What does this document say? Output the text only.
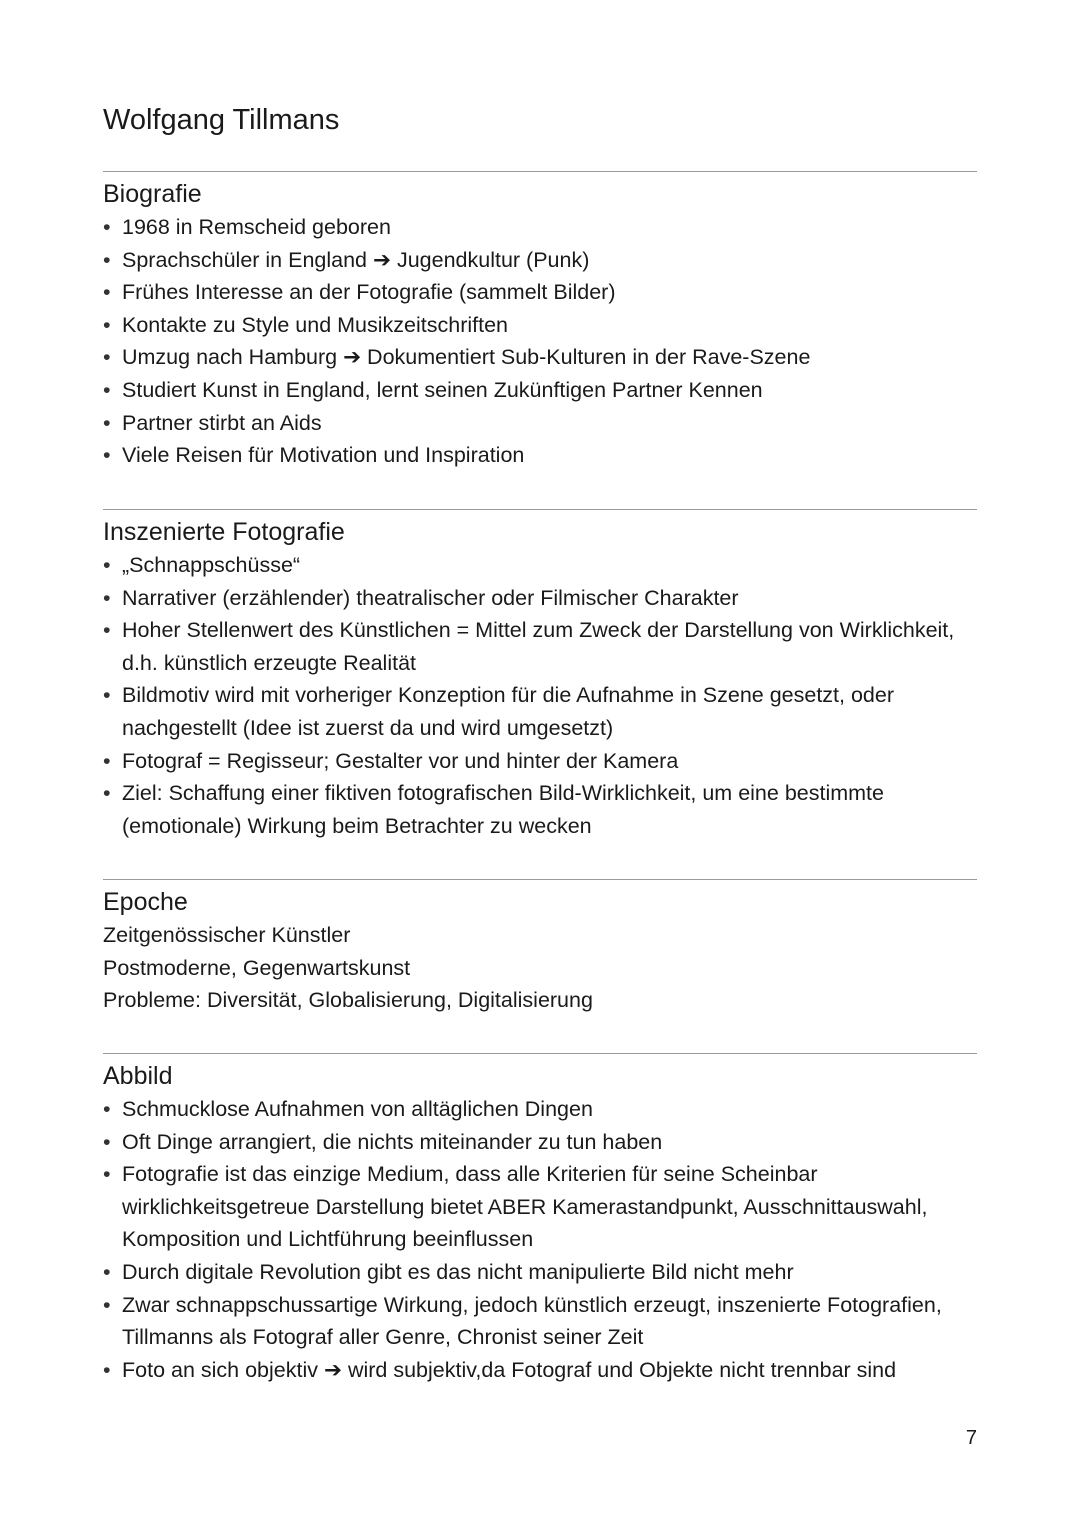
Wolfgang Tillmans
Biografie
• 1968 in Remscheid geboren
• Sprachschüler in England ➔ Jugendkultur (Punk)
• Frühes Interesse an der Fotografie (sammelt Bilder)
• Kontakte zu Style und Musikzeitschriften
• Umzug nach Hamburg ➔ Dokumentiert Sub-Kulturen in der Rave-Szene
• Studiert Kunst in England, lernt seinen Zukünftigen Partner Kennen
• Partner stirbt an Aids
• Viele Reisen für Motivation und Inspiration
Inszenierte Fotografie
• „Schnappschüsse“
• Narrativer (erzählender) theatralischer oder Filmischer Charakter
• Hoher Stellenwert des Künstlichen = Mittel zum Zweck der Darstellung von Wirklichkeit, d.h. künstlich erzeugte Realität
• Bildmotiv wird mit vorheriger Konzeption für die Aufnahme in Szene gesetzt, oder nachgestellt (Idee ist zuerst da und wird umgesetzt)
• Fotograf = Regisseur; Gestalter vor und hinter der Kamera
• Ziel: Schaffung einer fiktiven fotografischen Bild-Wirklichkeit, um eine bestimmte (emotionale) Wirkung beim Betrachter zu wecken
Epoche
Zeitgenössischer Künstler
Postmoderne, Gegenwartskunst
Probleme: Diversität, Globalisierung, Digitalisierung
Abbild
• Schmucklose Aufnahmen von alltäglichen Dingen
• Oft Dinge arrangiert, die nichts miteinander zu tun haben
• Fotografie ist das einzige Medium, dass alle Kriterien für seine Scheinbar wirklichkeitsgetreue Darstellung bietet ABER Kamerastandpunkt, Ausschnittauswahl, Komposition und Lichtführung beeinflussen
• Durch digitale Revolution gibt es das nicht manipulierte Bild nicht mehr
• Zwar schnappschussartige Wirkung, jedoch künstlich erzeugt, inszenierte Fotografien, Tillmanns als Fotograf aller Genre, Chronist seiner Zeit
• Foto an sich objektiv ➔ wird subjektiv,da Fotograf und Objekte nicht trennbar sind
7
